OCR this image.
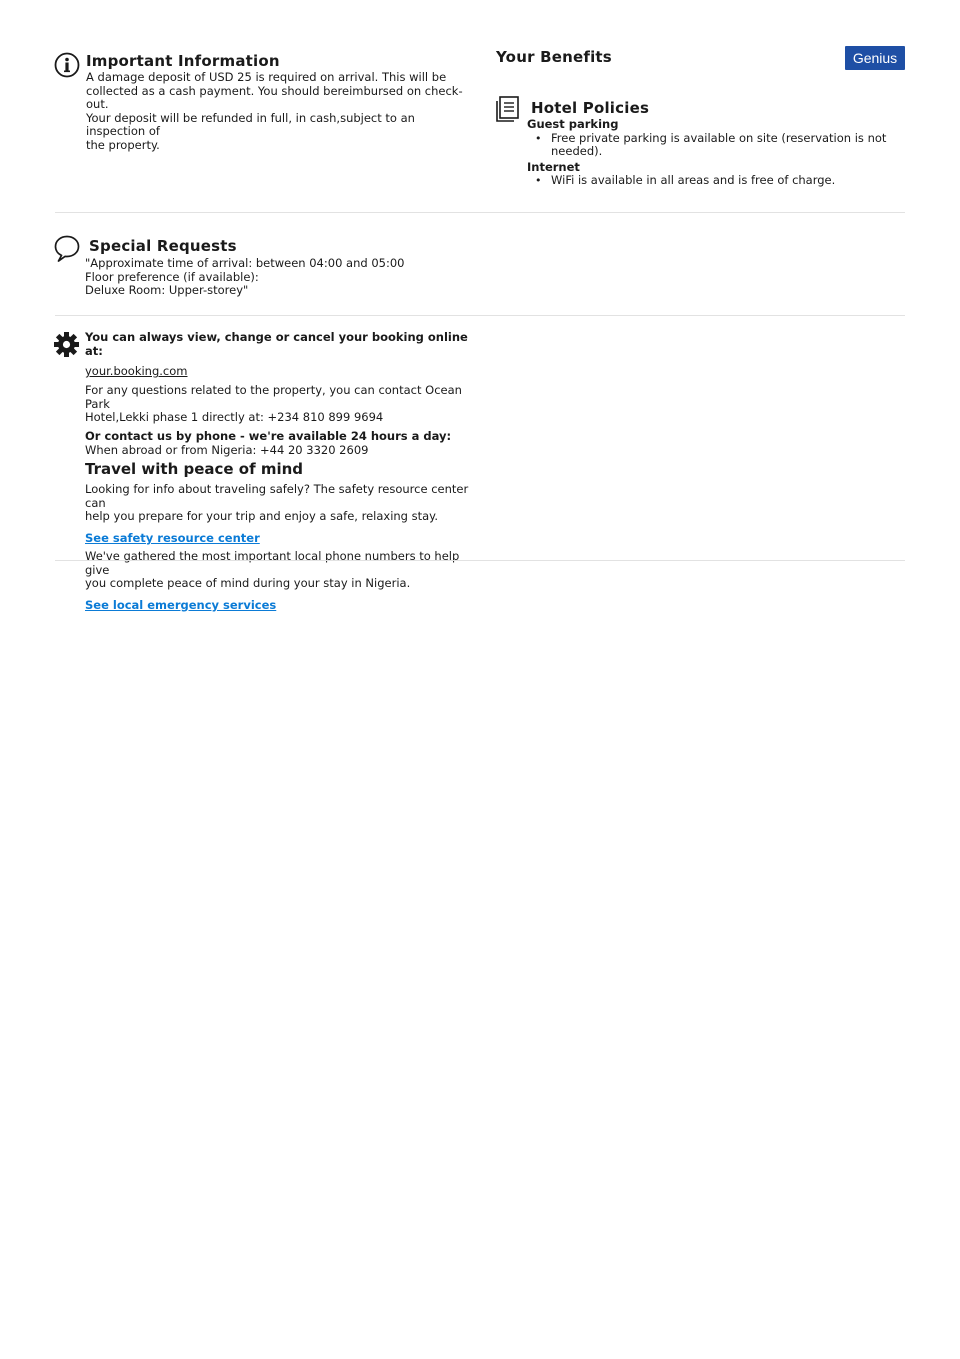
Important Information
A damage deposit of USD 25 is required on arrival. This will be
collected as a cash payment. You should bereimbursed on check-out.
Your deposit will be refunded in full, in cash,subject to an inspection of
the property.
Your Benefits	Genius
Hotel Policies
Guest parking
• Free private parking is available on site (reservation is not
needed).
Internet
• WiFi is available in all areas and is free of charge.
Special Requests
"Approximate time of arrival: between 04:00 and 05:00
Floor preference (if available):
Deluxe Room: Upper-storey"
You can always view, change or cancel your booking online at:
your.booking.com
For any questions related to the property, you can contact Ocean Park
Hotel,Lekki phase 1 directly at: +234 810 899 9694
Or contact us by phone - we're available 24 hours a day:
When abroad or from Nigeria: +44 20 3320 2609
Travel with peace of mind
Looking for info about traveling safely? The safety resource center can
help you prepare for your trip and enjoy a safe, relaxing stay.
See safety resource center
We've gathered the most important local phone numbers to help give
you complete peace of mind during your stay in Nigeria.
See local emergency services
